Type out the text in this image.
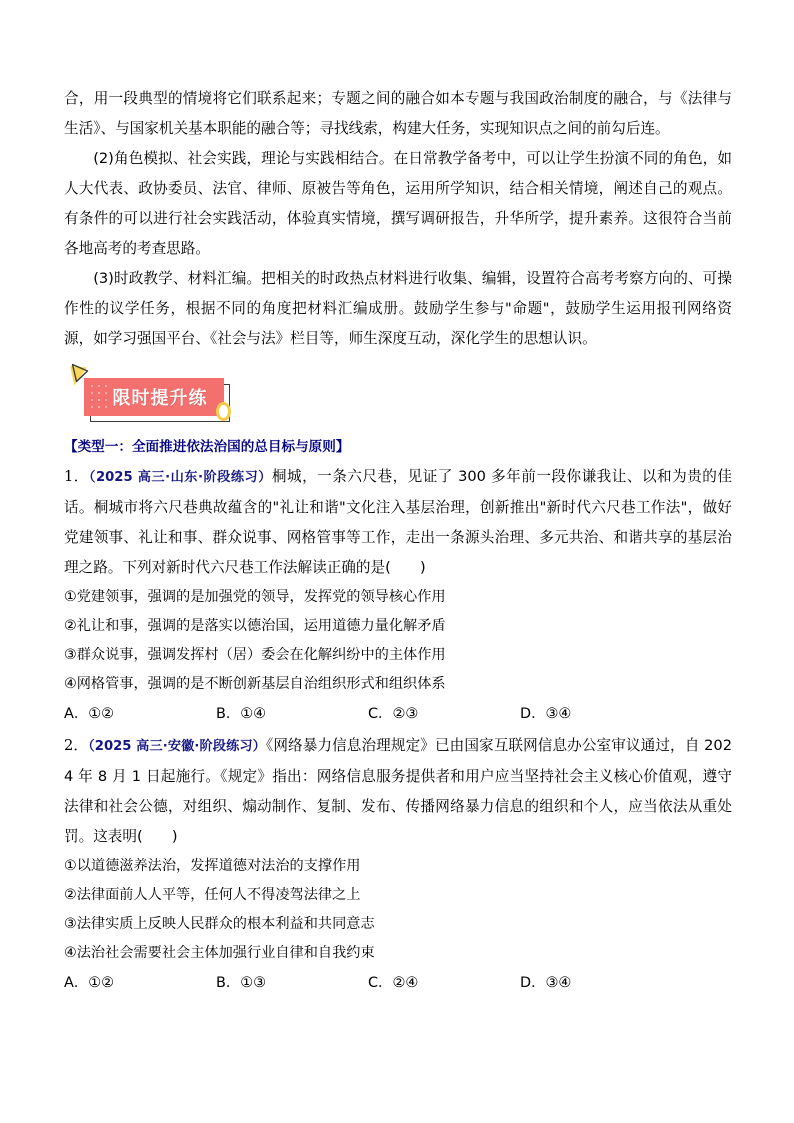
合，用一段典型的情境将它们联系起来；专题之间的融合如本专题与我国政治制度的融合，与《法律与生活》、与国家机关基本职能的融合等；寻找线索，构建大任务，实现知识点之间的前勾后连。

(2)角色模拟、社会实践，理论与实践相结合。在日常教学备考中，可以让学生扮演不同的角色，如人大代表、政协委员、法官、律师、原被告等角色，运用所学知识，结合相关情境，阐述自己的观点。有条件的可以进行社会实践活动，体验真实情境，撰写调研报告，升华所学，提升素养。这很符合当前各地高考的考查思路。

(3)时政教学、材料汇编。把相关的时政热点材料进行收集、编辑，设置符合高考考察方向的、可操作性的议学任务，根据不同的角度把材料汇编成册。鼓励学生参与"命题"，鼓励学生运用报刊网络资源，如学习强国平台、《社会与法》栏目等，师生深度互动，深化学生的思想认识。

限时提升练
【类型一：全面推进依法治国的总目标与原则】

1．（2025 高三·山东·阶段练习）桐城，一条六尺巷，见证了 300 多年前一段你谦我让、以和为贵的佳话。桐城市将六尺巷典故蕴含的"礼让和谐"文化注入基层治理，创新推出"新时代六尺巷工作法"，做好党建领事、礼让和事、群众说事、网格管事等工作，走出一条源头治理、多元共治、和谐共享的基层治理之路。下列对新时代六尺巷工作法解读正确的是(　　)

①党建领事，强调的是加强党的领导，发挥党的领导核心作用

②礼让和事，强调的是落实以德治国，运用道德力量化解矛盾

③群众说事，强调发挥村（居）委会在化解纠纷中的主体作用

④网格管事，强调的是不断创新基层自治组织形式和组织体系

A．①②	B．①④	C．②③	D．③④

2．（2025 高三·安徽·阶段练习）《网络暴力信息治理规定》已由国家互联网信息办公室审议通过，自 2024 年 8 月 1 日起施行。《规定》指出：网络信息服务提供者和用户应当坚持社会主义核心价值观，遵守法律和社会公德，对组织、煽动制作、复制、发布、传播网络暴力信息的组织和个人，应当依法从重处罚。这表明(　　)

①以道德滋养法治，发挥道德对法治的支撑作用

②法律面前人人平等，任何人不得凌驾法律之上

③法律实质上反映人民群众的根本利益和共同意志

④法治社会需要社会主体加强行业自律和自我约束

A．①②	B．①③	C．②④	D．③④
